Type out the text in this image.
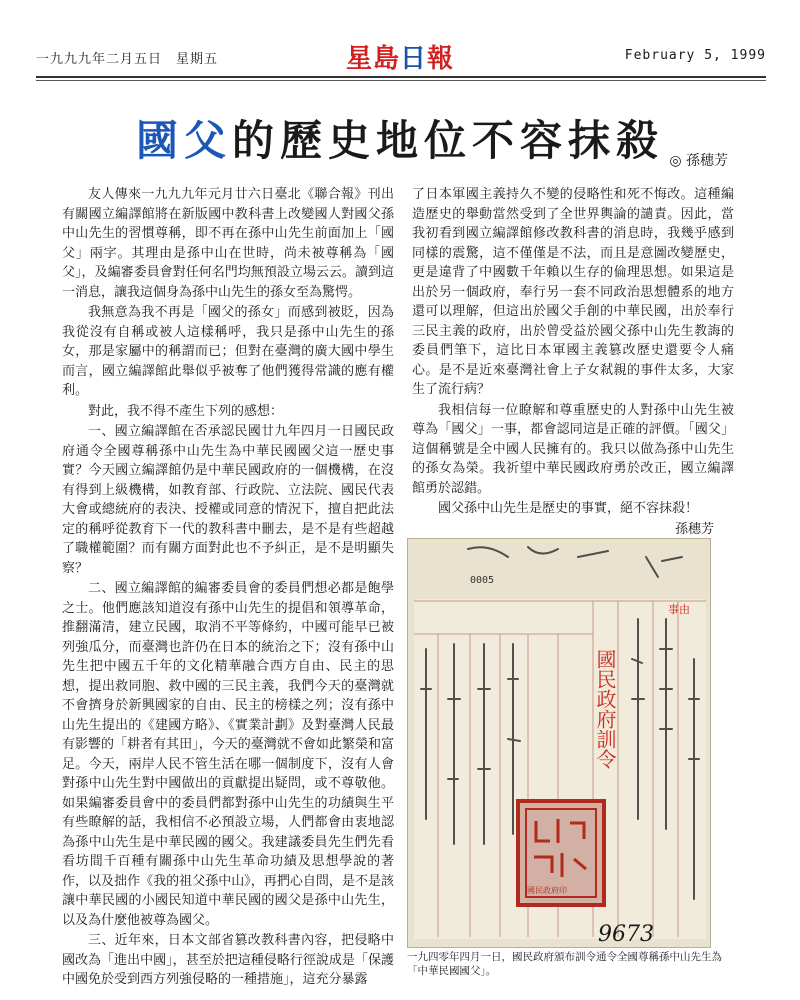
一九九九年二月五日　星期五	星島日報	February 5, 1999
國父的歷史地位不容抹殺 ◎ 孫穗芳

友人傳來一九九九年元月廿六日臺北《聯合報》刊出有關國立編譯館將在新版國中教科書上改變國人對國父孫中山先生的習慣尊稱，即不再在孫中山先生前面加上「國父」兩字。其理由是孫中山在世時，尚未被尊稱為「國父」，及編審委員會對任何名門均無預設立場云云。讀到這一消息，讓我這個身為孫中山先生的孫女至為驚愕。

我無意為我不再是「國父的孫女」而感到被貶，因為我從沒有自稱或被人這樣稱呼，我只是孫中山先生的孫女，那是家屬中的稱謂而已；但對在臺灣的廣大國中學生而言，國立編譯館此舉似乎被奪了他們獲得常識的應有權利。

對此，我不得不產生下列的感想：

一、國立編譯館在否承認民國廿九年四月一日國民政府通令全國尊稱孫中山先生為中華民國國父這一歷史事實？今天國立編譯館仍是中華民國政府的一個機構，在沒有得到上級機構，如教育部、行政院、立法院、國民代表大會或總統府的表決、授權或同意的情況下，擅自把此法定的稱呼從教育下一代的教科書中刪去，是不是有些超越了職權範圍？而有關方面對此也不予糾正，是不是明顯失察？

二、國立編譯館的編審委員會的委員們想必都是飽學之士。他們應該知道沒有孫中山先生的提倡和領導革命，推翻滿清，建立民國，取消不平等條約，中國可能早已被列強瓜分，而臺灣也許仍在日本的統治之下；沒有孫中山先生把中國五千年的文化精華融合西方自由、民主的思想，提出救同胞、救中國的三民主義，我們今天的臺灣就不會擠身於新興國家的自由、民主的榜樣之列；沒有孫中山先生提出的《建國方略》、《實業計劃》及對臺灣人民最有影響的「耕者有其田」，今天的臺灣就不會如此繁榮和富足。今天，兩岸人民不管生活在哪一個制度下，沒有人會對孫中山先生對中國做出的貢獻提出疑問，或不尊敬他。如果編審委員會中的委員們都對孫中山先生的功績與生平有些瞭解的話，我相信不必預設立場，人們都會由衷地認為孫中山先生是中華民國的國父。我建議委員先生們先看看坊間千百種有關孫中山先生革命功績及思想學說的著作，以及拙作《我的祖父孫中山》，再捫心自問，是不是該讓中華民國的小國民知道中華民國的國父是孫中山先生，以及為什麼他被尊為國父。

三、近年來，日本文部省篡改教科書內容，把侵略中國改為「進出中國」，甚至於把這種侵略行徑說成是「保護中國免於受到西方列強侵略的一種措施」，這充分暴露

了日本軍國主義持久不變的侵略性和死不悔改。這種編造歷史的舉動當然受到了全世界輿論的譴責。因此，當我初看到國立編譯館修改教科書的消息時，我幾乎感到同樣的震驚，這不僅僅是不法，而且是意圖改變歷史，更是違背了中國數千年賴以生存的倫理思想。如果這是出於另一個政府，奉行另一套不同政治思想體系的地方還可以理解，但這出於國父手創的中華民國，出於奉行三民主義的政府，出於曾受益於國父孫中山先生教誨的委員們筆下，這比日本軍國主義篡改歷史還要令人痛心。是不是近來臺灣社會上子女弒親的事件太多，大家生了流行病？

我相信每一位瞭解和尊重歷史的人對孫中山先生被尊為「國父」一事，都會認同這是正確的評價。「國父」這個稱號是全中國人民擁有的。我只以做為孫中山先生的孫女為榮。我祈望中華民國政府勇於改正，國立編譯館勇於認錯。

國父孫中山先生是歷史的事實，絕不容抹殺！

孫穗芳
國民政府訓令
事由
0005
國民政府印
9673
一九四零年四月一日，國民政府頒布訓令通令全國尊稱孫中山先生為「中華民國國父」。
